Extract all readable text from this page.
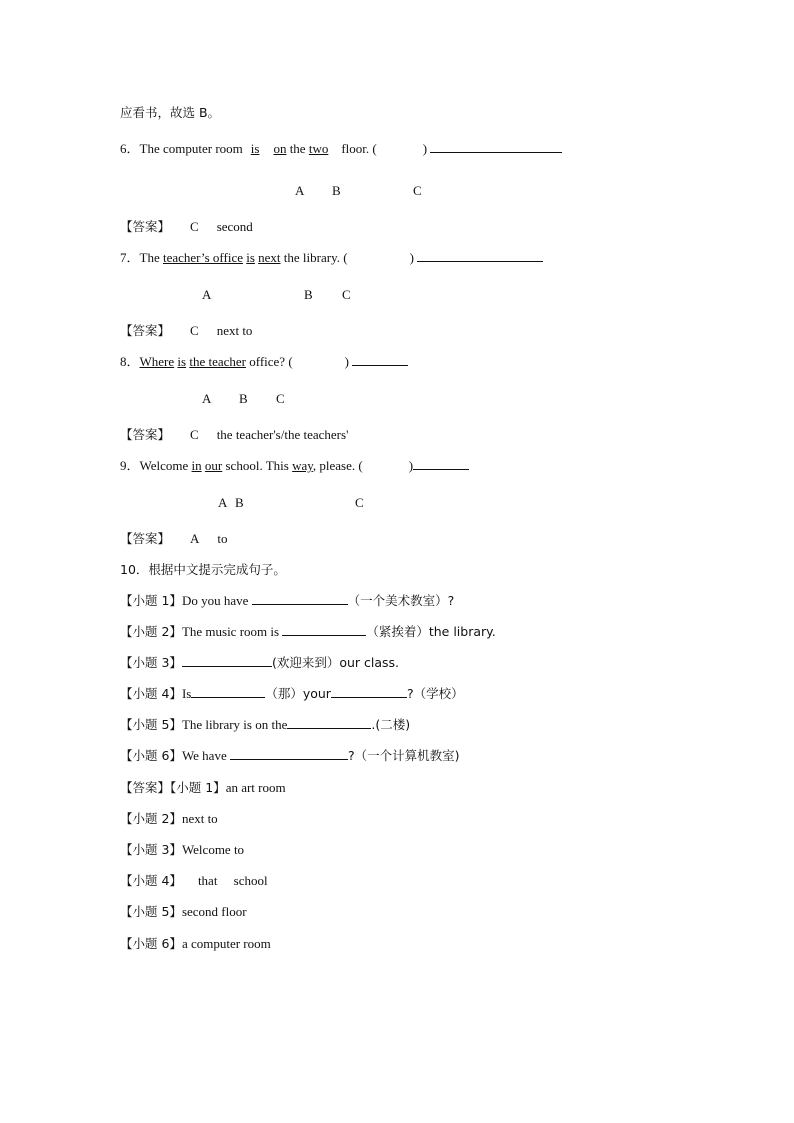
应看书，故选 B。
6．The computer room is on the two floor. (	)
A B	C
【答案】 C second
7．The teacher’s office is next the library. (	)
A	B C
【答案】 C next to
8．Where is the teacher office? (	)
A B C
【答案】 C the teacher's/the teachers'
9．Welcome in our school. This way, please. (	)
A B	C
【答案】 A to
10．根据中文提示完成句子。
【小题 1】Do you have	（一个美术教室）?
【小题 2】The music room is	（紧挨着）the library.
【小题 3】	(欢迎来到）our class.
【小题 4】Is	（那）your	?（学校）
【小题 5】The library is on the	.(二楼)
【小题 6】We have	?（一个计算机教室)
【答案】【小题 1】an art room
【小题 2】next to
【小题 3】Welcome to
【小题 4】 that     school
【小题 5】second floor
【小题 6】a computer room
